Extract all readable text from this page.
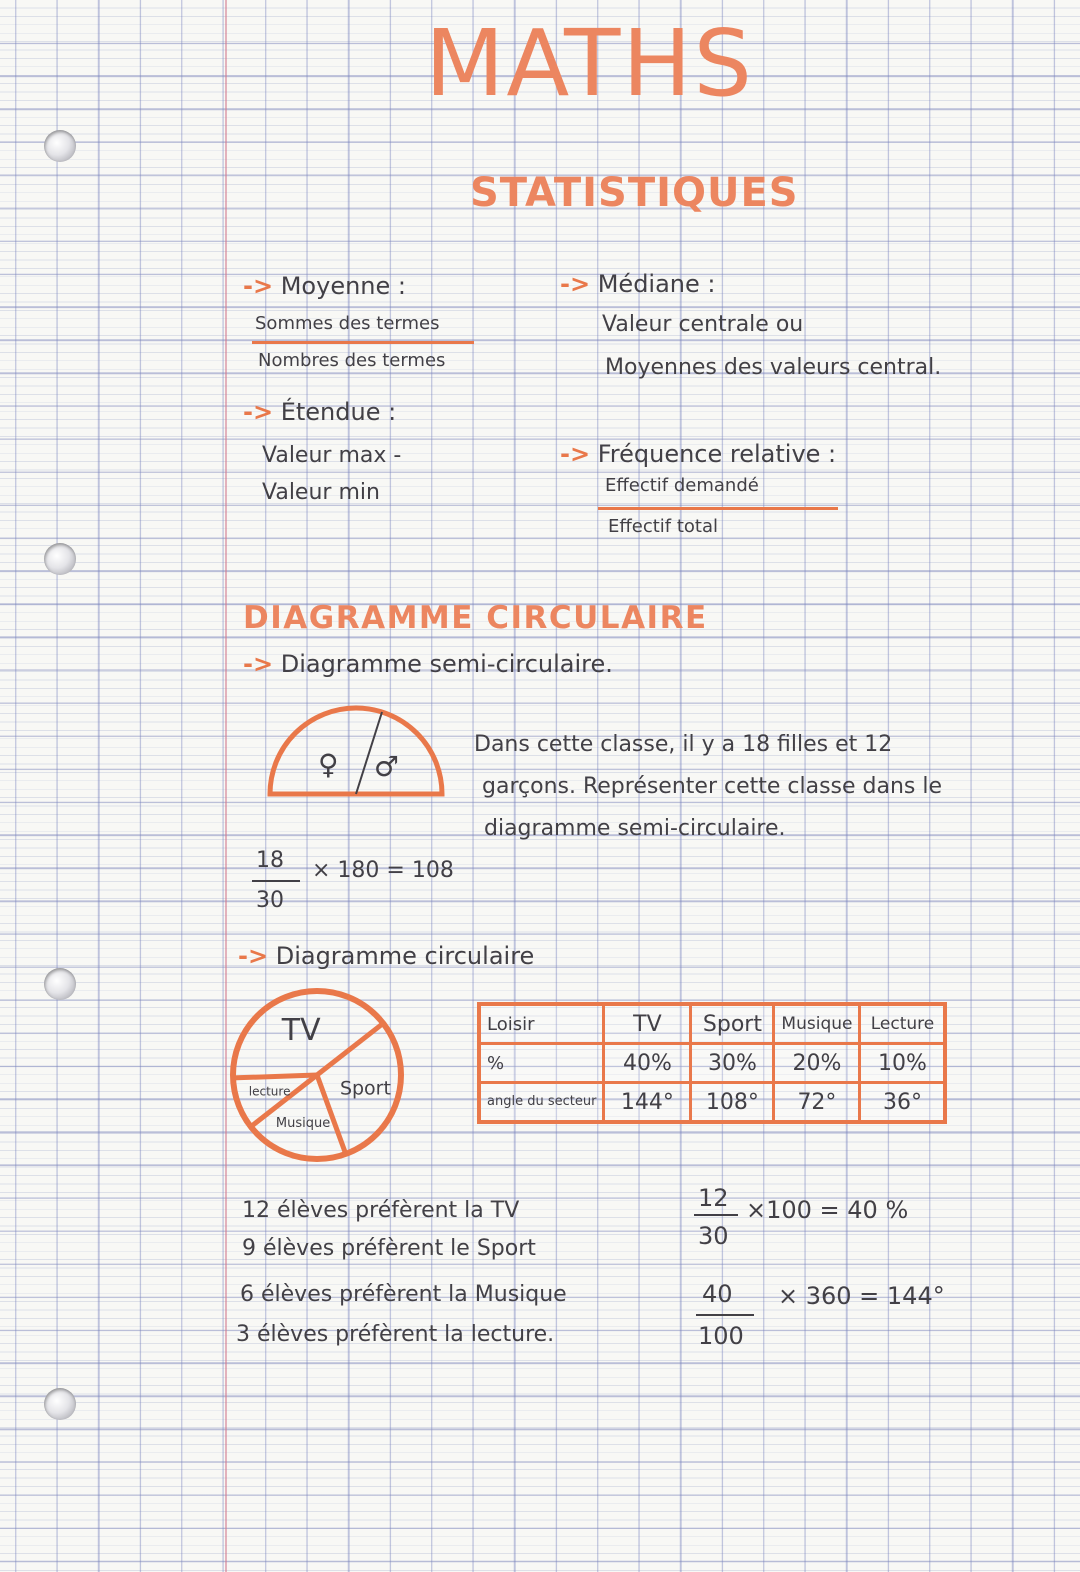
MATHS
STATISTIQUES
-> Moyenne :
Sommes des termes
Nombres des termes
-> Étendue :
Valeur max -
Valeur min
-> Médiane :
Valeur centrale ou
Moyennes des valeurs central.
-> Fréquence relative :
Effectif demandé
Effectif total
DIAGRAMME CIRCULAIRE
-> Diagramme semi-circulaire.
♀ ♂
Dans cette classe, il y a 18 filles et 12
garçons. Représenter cette classe dans le
diagramme semi-circulaire.
18
30
× 180 = 108
-> Diagramme circulaire
TV
Sport
Musique
lecture
Loisir	TV	Sport	Musique	Lecture
%	40%	30%	20%	10%
angle du secteur	144°	108°	72°	36°
12 élèves préfèrent la TV
9 élèves préfèrent le Sport
6 élèves préfèrent la Musique
3 élèves préfèrent la lecture.
12
30
×100 = 40 %
40
100
× 360 = 144°
